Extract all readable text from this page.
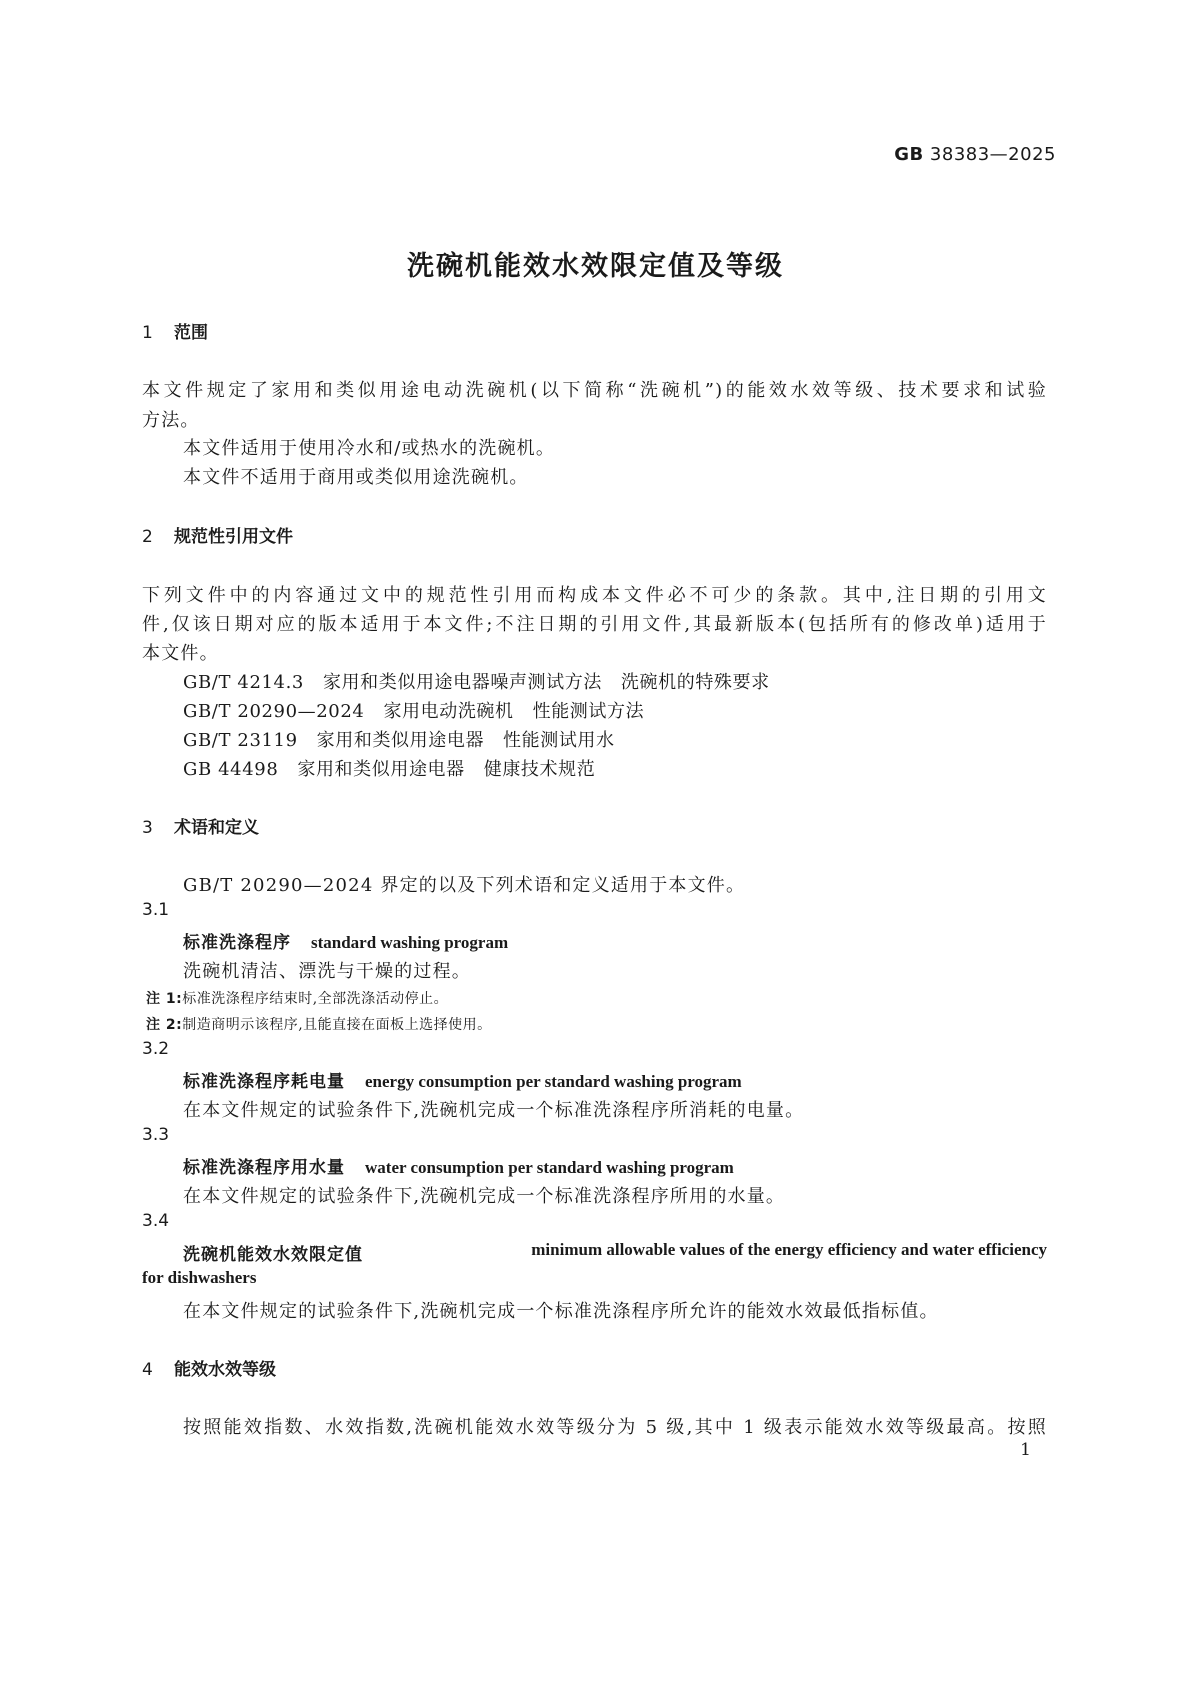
GB 38383—2025
洗碗机能效水效限定值及等级
1 范围
本文件规定了家用和类似用途电动洗碗机(以下简称“洗碗机”)的能效水效等级、技术要求和试验
方法。
本文件适用于使用冷水和/或热水的洗碗机。
本文件不适用于商用或类似用途洗碗机。
2 规范性引用文件
下列文件中的内容通过文中的规范性引用而构成本文件必不可少的条款。其中,注日期的引用文
件,仅该日期对应的版本适用于本文件;不注日期的引用文件,其最新版本(包括所有的修改单)适用于
本文件。
GB/T 4214.3 家用和类似用途电器噪声测试方法 洗碗机的特殊要求
GB/T 20290—2024 家用电动洗碗机 性能测试方法
GB/T 23119 家用和类似用途电器 性能测试用水
GB 44498 家用和类似用途电器 健康技术规范
3 术语和定义
GB/T 20290—2024 界定的以及下列术语和定义适用于本文件。
3.1
标准洗涤程序 standard washing program
洗碗机清洁、漂洗与干燥的过程。
注 1:标准洗涤程序结束时,全部洗涤活动停止。
注 2:制造商明示该程序,且能直接在面板上选择使用。
3.2
标准洗涤程序耗电量 energy consumption per standard washing program
在本文件规定的试验条件下,洗碗机完成一个标准洗涤程序所消耗的电量。
3.3
标准洗涤程序用水量 water consumption per standard washing program
在本文件规定的试验条件下,洗碗机完成一个标准洗涤程序所用的水量。
3.4
洗碗机能效水效限定值	minimum allowable values of the energy efficiency and water efficiency
for dishwashers
在本文件规定的试验条件下,洗碗机完成一个标准洗涤程序所允许的能效水效最低指标值。
4 能效水效等级
按照能效指数、水效指数,洗碗机能效水效等级分为 5 级,其中 1 级表示能效水效等级最高。按照
1
